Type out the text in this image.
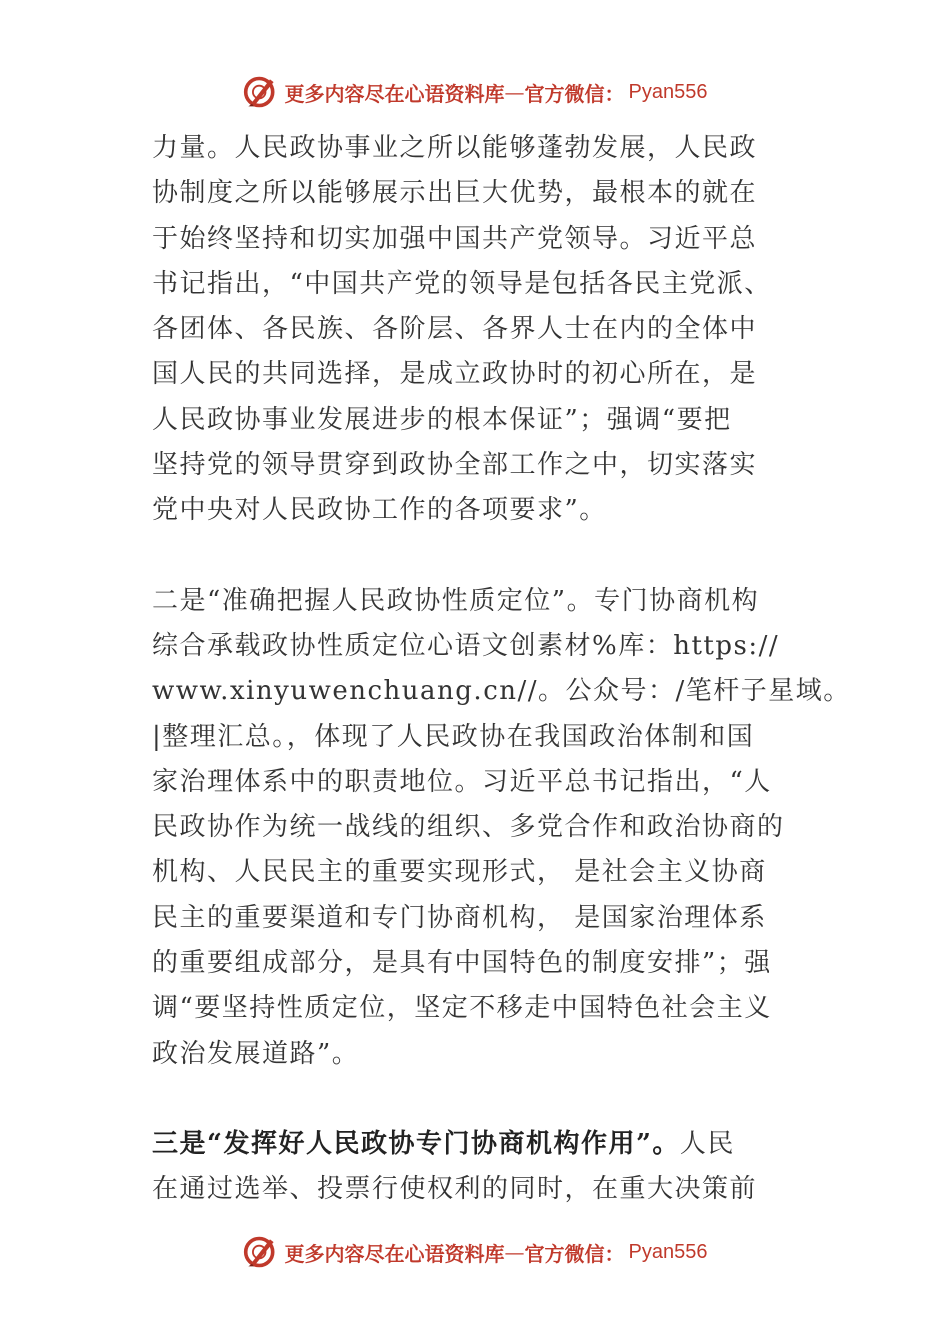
更多内容尽在心语资料库 — 官方微信： Pyan556

力量。人民政协事业之所以能够蓬勃发展，人民政
协制度之所以能够展示出巨大优势，最根本的就在
于始终坚持和切实加强中国共产党领导。习近平总
书记指出，“中国共产党的领导是包括各民主党派、
各团体、各民族、各阶层、各界人士在内的全体中
国人民的共同选择，是成立政协时的初心所在，是
人民政协事业发展进步的根本保证”；强调“要把
坚持党的领导贯穿到政协全部工作之中，切实落实
党中央对人民政协工作的各项要求”。

二是“准确把握人民政协性质定位”。专门协商机构
综合承载政协性质定位心语文创素材%库：https://
www.xinyuwenchuang.cn//。公众号：/笔杆子星域。
|整理汇总。，体现了人民政协在我国政治体制和国
家治理体系中的职责地位。习近平总书记指出，“人
民政协作为统一战线的组织、多党合作和政治协商的
机构、人民民主的重要实现形式， 是社会主义协商
民主的重要渠道和专门协商机构， 是国家治理体系
的重要组成部分，是具有中国特色的制度安排”；强
调“要坚持性质定位，坚定不移走中国特色社会主义
政治发展道路”。

三是“发挥好人民政协专门协商机构作用”。人民
在通过选举、投票行使权利的同时，在重大决策前

更多内容尽在心语资料库 — 官方微信： Pyan556
